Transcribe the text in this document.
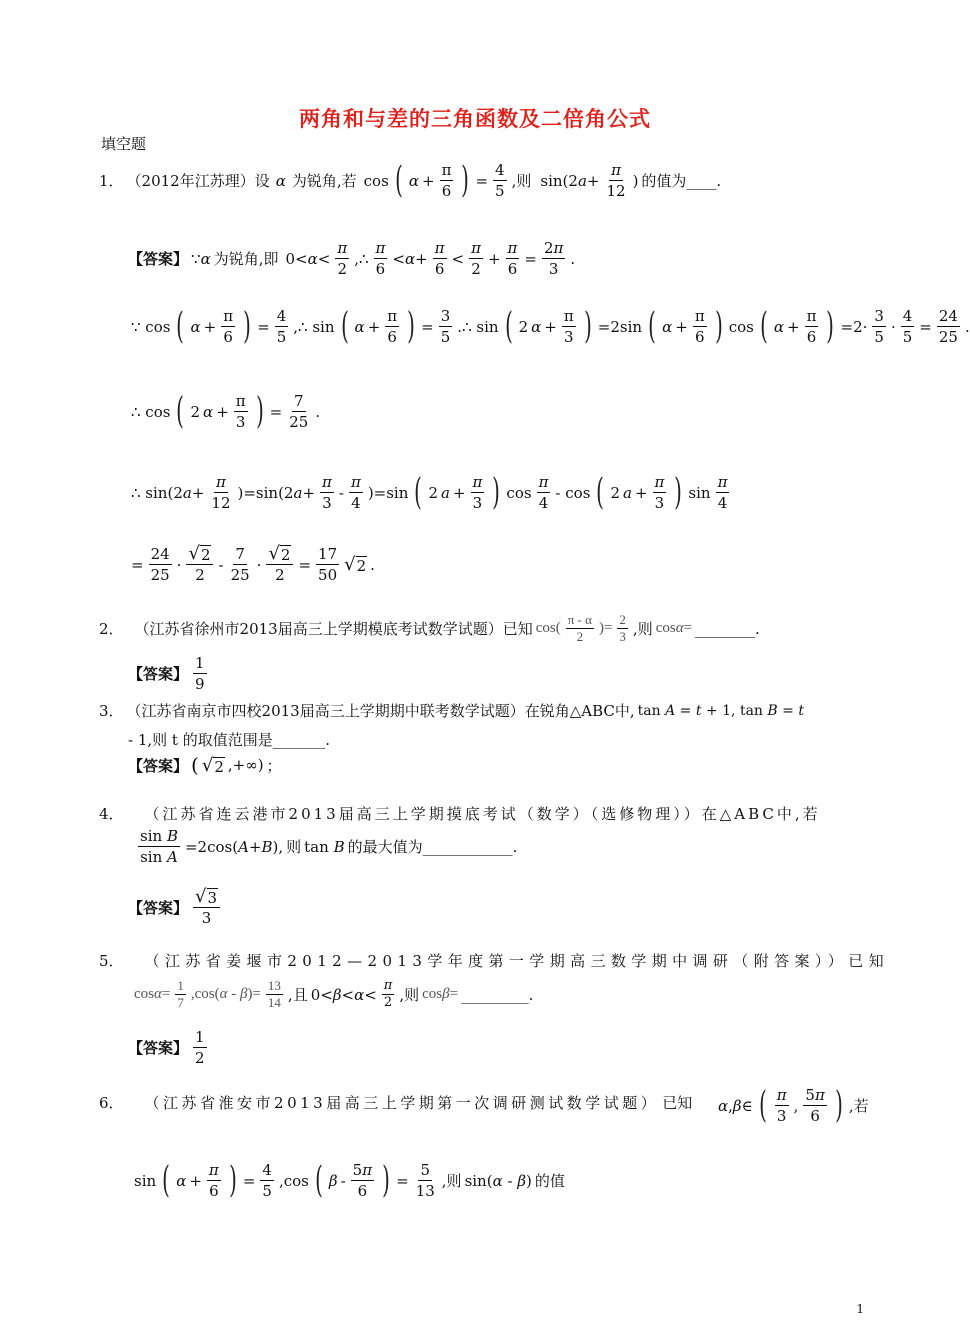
两角和与差的三角函数及二倍角公式
填空题
1． （2012年江苏理）设 α 为锐角,若 cos ( $\alpha + \frac{\pi}{6}$ ) = $\frac{4}{5}$ ,则 $\sin(2a+ \frac{\pi}{12}$ ) 的值为____.
【答案】 ∵α 为锐角,即 $0<\alpha< \frac{\pi}{2}$ ,∴ $\frac{\pi}{6} <\alpha+ \frac{\pi}{6} < \frac{\pi}{2} + \frac{\pi}{6} = \frac{2\pi}{3}$ .
∵ cos ( $\alpha + \frac{\pi}{6}$ ) = $\frac{4}{5}$ ,∴ sin ( $\alpha + \frac{\pi}{6}$ ) = $\frac{3}{5}$ .∴ sin ( 2 $\alpha + \frac{\pi}{3}$ ) =2sin ( $\alpha + \frac{\pi}{6}$ ) cos ( $\alpha + \frac{\pi}{6}$ ) $=2\cdot \frac{3}{5} \cdot \frac{4}{5} = \frac{24}{25}$ .
∴ cos ( 2 $\alpha + \frac{\pi}{3}$ ) = $\frac{7}{25}$ .
∴ $\sin(2a+ \frac{\pi}{12} )=\sin(2a+ \frac{\pi}{3} - \frac{\pi}{4} )=\sin$ ( 2 $a + \frac{\pi}{3}$ ) $\cos \frac{\pi}{4}$ - cos ( 2 $a + \frac{\pi}{3}$ ) $\sin \frac{\pi}{4}$
= $\frac{24}{25} \cdot \frac{√ 2}{2} - \frac{7}{25} \cdot \frac{√ 2}{2} = \frac{17}{50}$ √ 2 .
2． （江苏省徐州市2013届高三上学期模底考试数学试题）已知 $\cos( \frac{\pi - \alpha}{2}$ )= $\frac{2}{3}$ ,则 cosα= ________.
【答案】 $\frac{1}{9}$
3． （江苏省南京市四校2013届高三上学期期中联考数学试题）在锐角△ABC中, tan A = t + 1, tan B = t
- 1,则 t 的取值范围是_______.
【答案】 ( √ 2 ,+∞) ；
4． （江苏省连云港市2013届高三上学期摸底考试（数学）（选修物理））在△ABC中,若
$\frac{\text{sin B}}{\text{sin A}} =2\cos(A+B)$, 则 tan B 的最大值为____________.
【答案】 $\frac{√ 3}{3}$
5． （江苏省姜堰市2012—2013学年度第一学期高三数学期中调研（附答案））已知
$\cos\alpha= \frac{1}{7} ,\cos(\alpha - \beta)= \frac{13}{14}$ ,且 $0<\beta<\alpha< \frac{\pi}{2}$ ,则 cosβ= _________.
【答案】 $\frac{1}{2}$
6． （江苏省淮安市2013届高三上学期第一次调研测试数学试题） 已知 α,β∈ ( $\frac{\pi}{3}$ , $\frac{5\pi}{6}$ ) ,若
sin ( $\alpha + \frac{\pi}{6}$ ) = $\frac{4}{5} ,\cos$ ( β - $\frac{5\pi}{6}$ ) = $\frac{5}{13}$ ,则 sin(α - β) 的值
1
